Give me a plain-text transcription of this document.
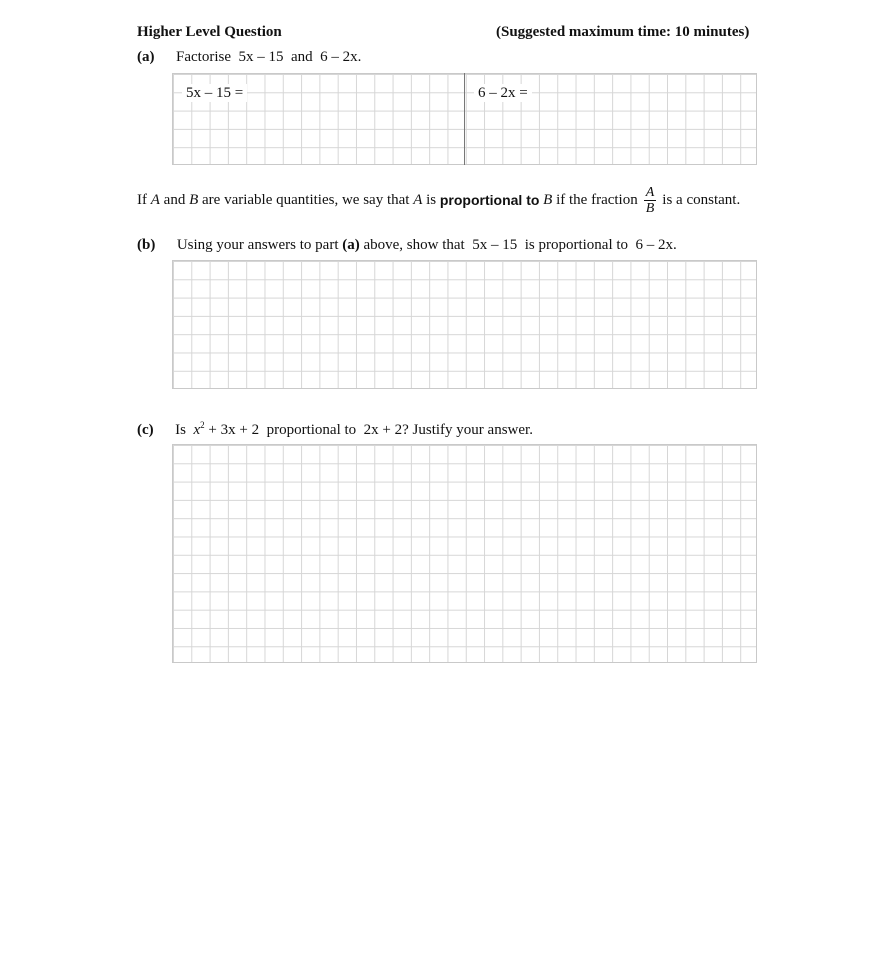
Higher Level Question	(Suggested maximum time: 10 minutes)
(a) Factorise 5x – 15 and 6 – 2x.
5x – 15 =	6 – 2x =
If
A
and
B
are variable quantities, we say that
A
is
proportional to
B
if the fraction $\frac{A}{B}$ is a constant.
(b) Using your answers to part (a) above, show that 5x – 15 is proportional to 6 – 2x.
(c) Is $x^2 + 3x + 2$ proportional to 2x + 2? Justify your answer.
